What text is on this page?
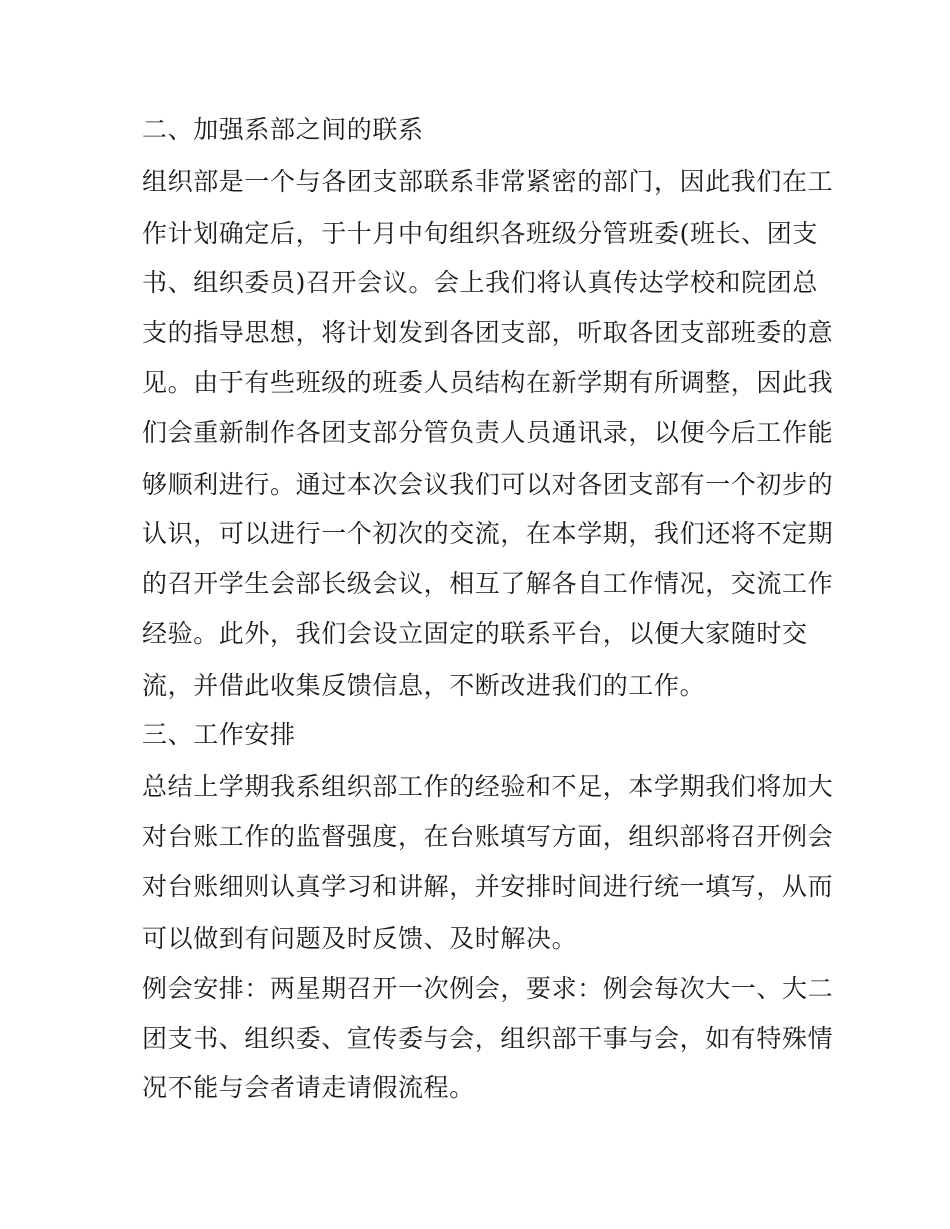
二、加强系部之间的联系
组织部是一个与各团支部联系非常紧密的部门，因此我们在工
作计划确定后，于十月中旬组织各班级分管班委(班长、团支
书、组织委员)召开会议。会上我们将认真传达学校和院团总
支的指导思想，将计划发到各团支部，听取各团支部班委的意
见。由于有些班级的班委人员结构在新学期有所调整，因此我
们会重新制作各团支部分管负责人员通讯录，以便今后工作能
够顺利进行。通过本次会议我们可以对各团支部有一个初步的
认识，可以进行一个初次的交流，在本学期，我们还将不定期
的召开学生会部长级会议，相互了解各自工作情况，交流工作
经验。此外，我们会设立固定的联系平台，以便大家随时交
流，并借此收集反馈信息，不断改进我们的工作。
三、工作安排
总结上学期我系组织部工作的经验和不足，本学期我们将加大
对台账工作的监督强度，在台账填写方面，组织部将召开例会
对台账细则认真学习和讲解，并安排时间进行统一填写，从而
可以做到有问题及时反馈、及时解决。
例会安排：两星期召开一次例会，要求：例会每次大一、大二
团支书、组织委、宣传委与会，组织部干事与会，如有特殊情
况不能与会者请走请假流程。
